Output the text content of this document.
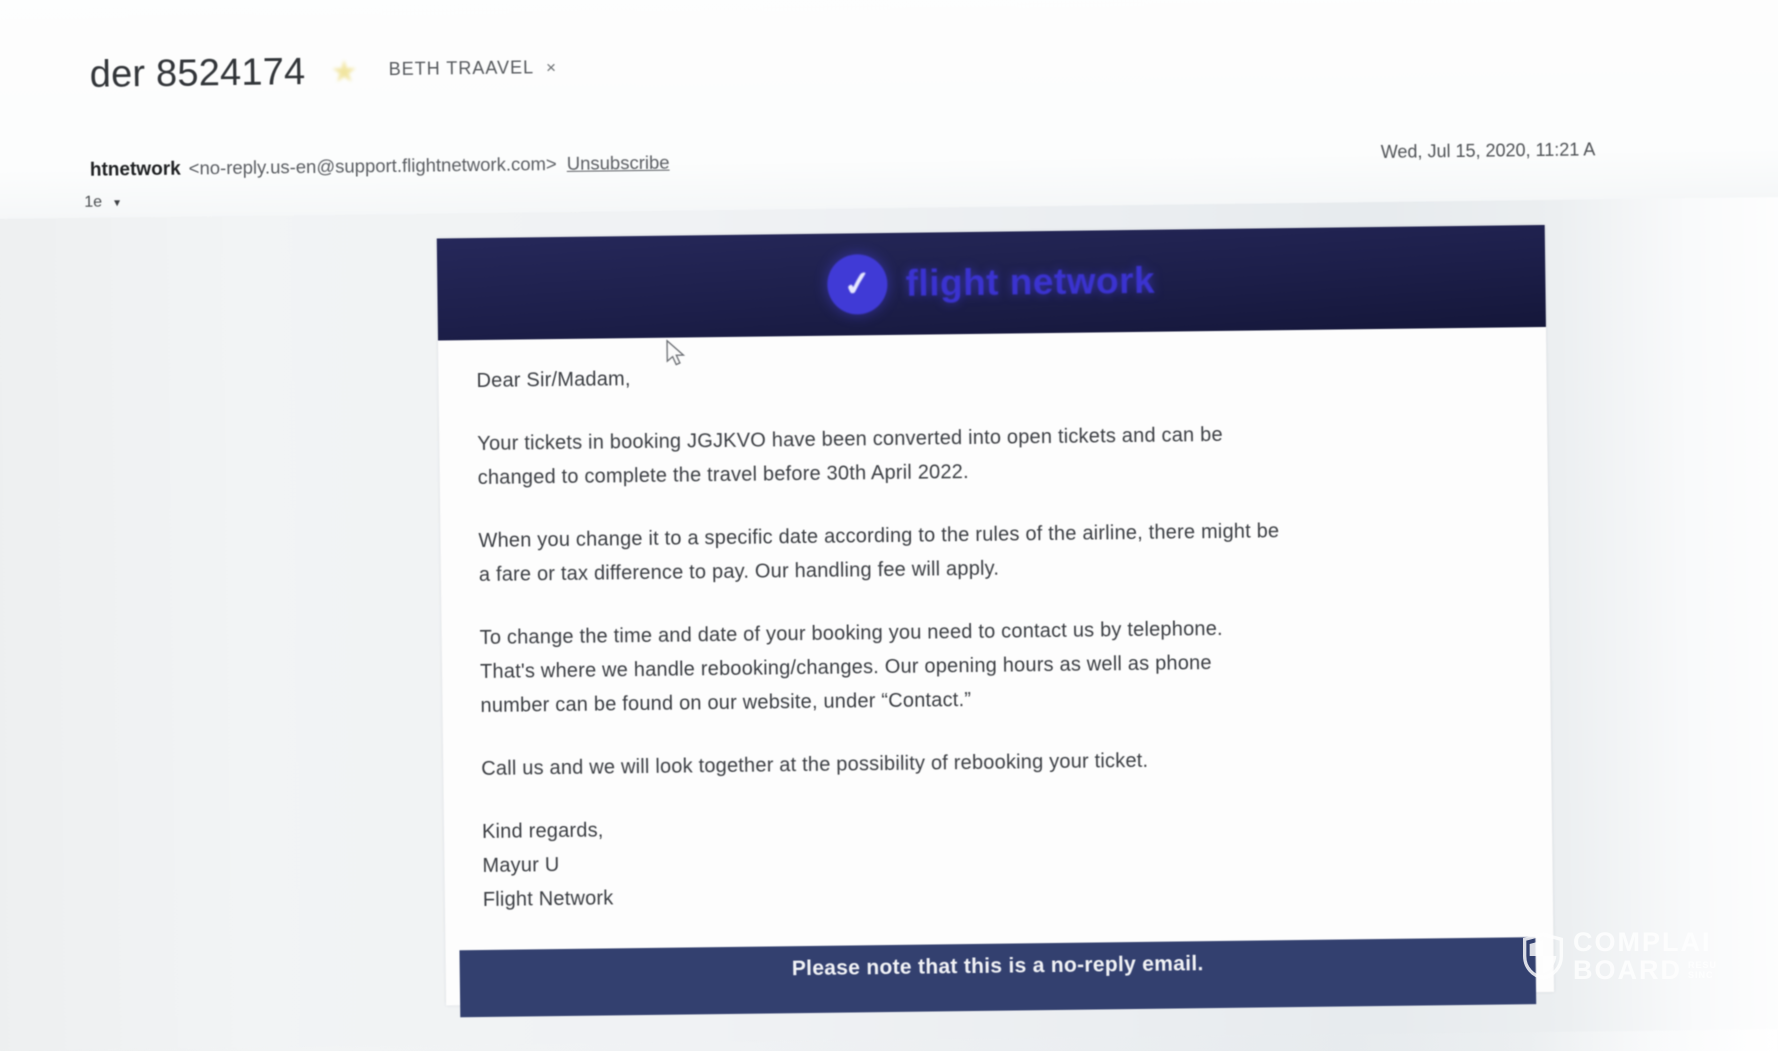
der 8524174 ★ BETH TRAAVEL ×
htnetwork <no-reply.us-en@support.flightnetwork.com> Unsubscribe
1e ▾
Wed, Jul 15, 2020, 11:21 A
✓ flight network
Dear Sir/Madam,
Your tickets in booking JGJKVO have been converted into open tickets and can be
changed to complete the travel before 30th April 2022.
When you change it to a specific date according to the rules of the airline, there might be
a fare or tax difference to pay. Our handling fee will apply.
To change the time and date of your booking you need to contact us by telephone.
That's where we handle rebooking/changes. Our opening hours as well as phone
number can be found on our website, under “Contact.”
Call us and we will look together at the possibility of rebooking your ticket.
Kind regards,
Mayur U
Flight Network
Please note that this is a no-reply email.
COMPLAI
BOARD RESU
SINC
